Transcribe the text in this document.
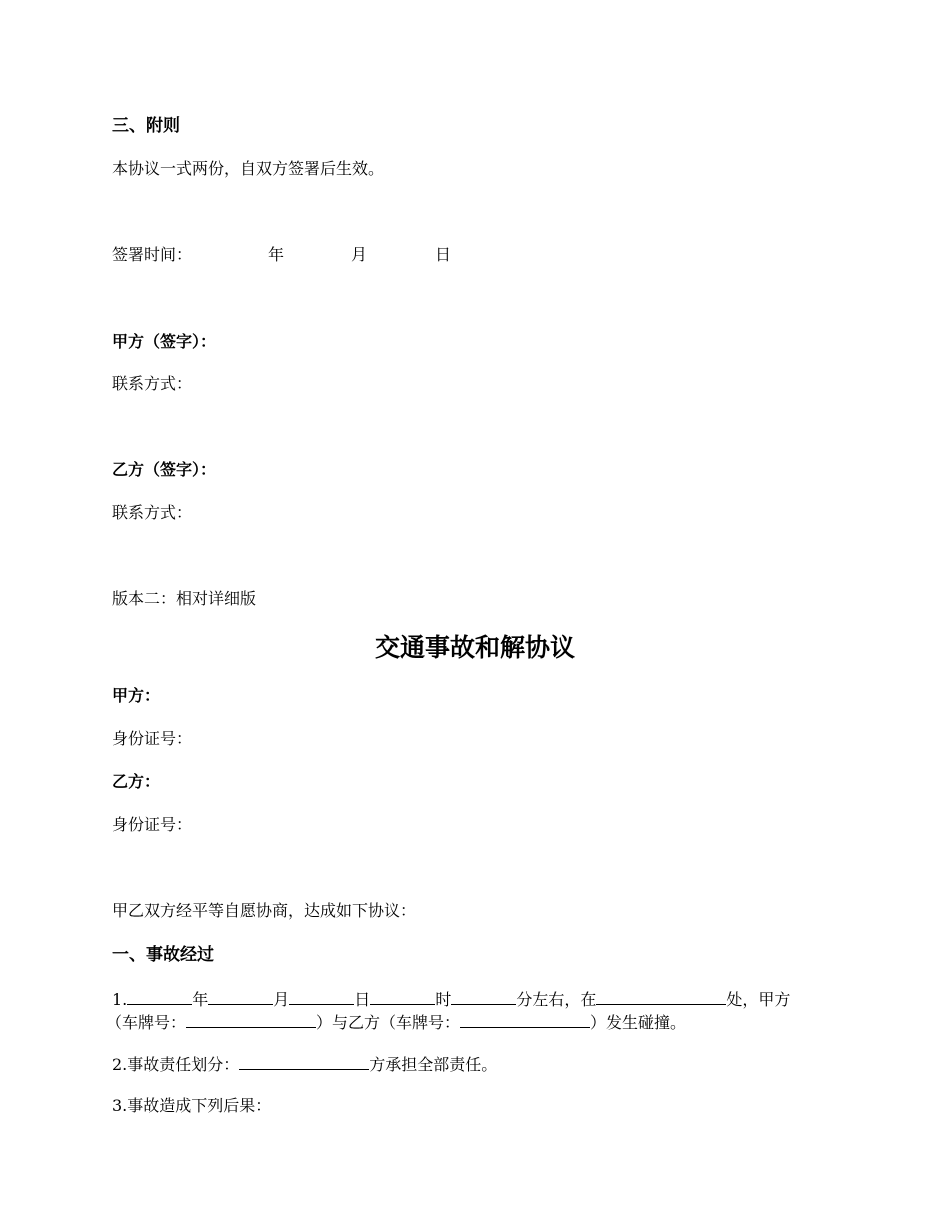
三、附则
本协议一式两份，自双方签署后生效。
签署时间：	年	月	日
甲方（签字）：
联系方式：
乙方（签字）：
联系方式：
版本二：相对详细版
交通事故和解协议
甲方：
身份证号：
乙方：
身份证号：
甲乙双方经平等自愿协商，达成如下协议：
一、事故经过
1.	年	月	日	时	分左右，在	处，甲方
（车牌号：	）与乙方（车牌号：	）发生碰撞。
2.事故责任划分：	方承担全部责任。
3.事故造成下列后果：
